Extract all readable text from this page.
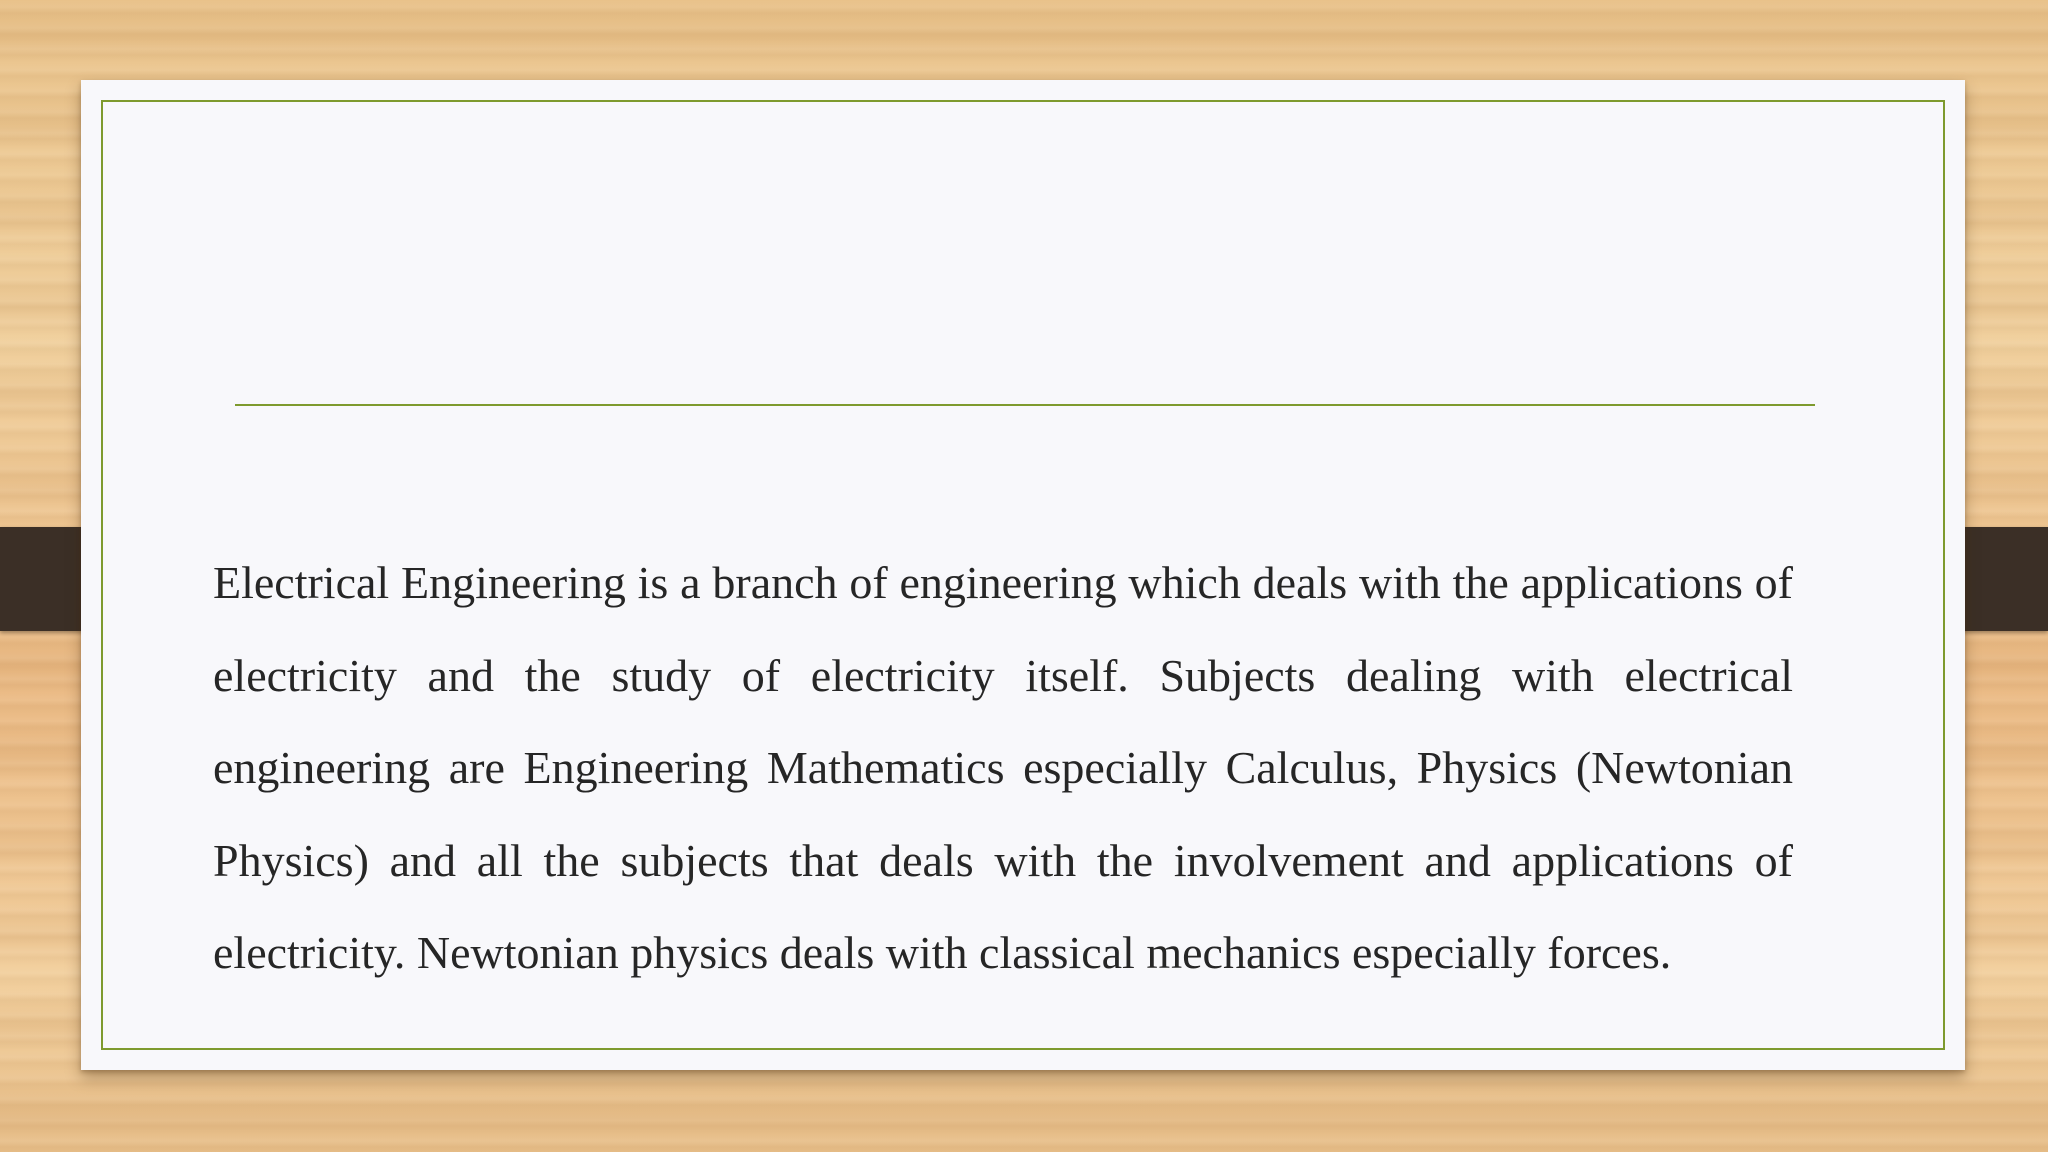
Electrical Engineering is a branch of engineering which deals with the applications of electricity and the study of electricity itself. Subjects dealing with electrical engineering are Engineering Mathematics especially Calculus, Physics (Newtonian Physics) and all the subjects that deals with the involvement and applications of electricity. Newtonian physics deals with classical mechanics especially forces.
